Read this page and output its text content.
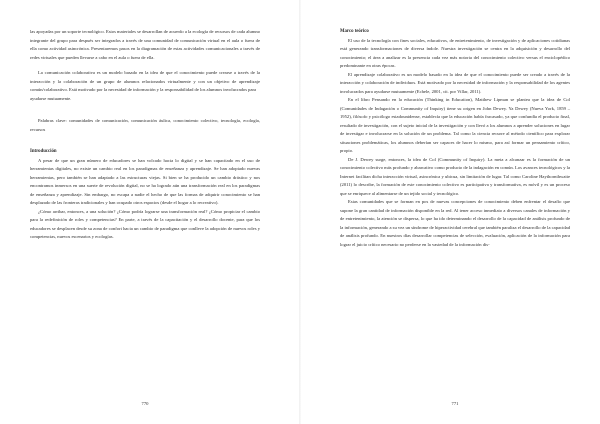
las apoyadas por un soporte tecnológico. Estos materiales se desarrollan de acuerdo a la ecología de recursos de cada alumno integrante del grupo para después ser integrados a través de una comunidad de comunicación virtual en el aula o fuera de ella como actividad asincrónica. Presentaremos pasos en la diagramación de estas actividades comunicacionales a través de redes virtuales que pueden llevarse a cabo en el aula o fuera de ella.

La comunicación colaborativa es un modelo basado en la idea de que el conocimiento puede crearse a través de la interacción y la colaboración de un grupo de alumnos relacionados virtualmente y con un objetivo de aprendizaje común/colaborativo. Está motivado por la necesidad de información y la responsabilidad de los alumnos involucrados para

ayudarse mutuamente.

Palabras clave: comunidades de comunicación, comunicación áulica, conocimiento colectivo, tecnología, ecología, recursos

Introducción

A pesar de que un gran número de educadores se han volcado hacia lo digital y se han capacitado en el uso de herramientas digitales, no existe un cambio real en los paradigmas de enseñanza y aprendizaje. Se han adoptado nuevas herramientas, pero también se han adaptado a las estructuras viejas. Si bien se ha producido un cambio drástico y nos encontramos inmersos en una suerte de revolución digital, no se ha logrado aún una transformación real en los paradigmas de enseñanza y aprendizaje. Sin embargo, no escapa a nadie el hecho de que las formas de adquirir conocimiento se han desplazado de las fronteras tradicionales y han ocupado otros espacios (desde el hogar a lo recreativo).

¿Cómo arribar, entonces, a una solución? ¿Cómo podría lograrse una transformación real? ¿Cómo propiciar el cambio para la redefinición de roles y competencias? En parte, a través de la capacitación y el desarrollo docente, para que los educadores se desplacen desde su zona de confort hacia un cambio de paradigma que conlleve la adopción de nuevos roles y competencias, nuevos escenarios y ecologías.

Marco teórico

El uso de la tecnología con fines sociales, educativos, de entretenimiento, de investigación y de aplicaciones cotidianas está generando transformaciones de diversa índole. Nuestra investigación se centra en la adquisición y desarrollo del conocimiento; el área a analizar es la presencia cada vez más notoria del conocimiento colectivo versus el enciclopédico predominante en otras épocas.

El aprendizaje colaborativo es un modelo basado en la idea de que el conocimiento puede ser creado a través de la interacción y colaboración de individuos. Está motivado por la necesidad de información y la responsabilidad de los agentes involucrados para ayudarse mutuamente (Echele, 2001, cit. por Villar, 2011).

En el libro Pensando en la educación (Thinking in Education), Matthew Lipman se plantea que la idea de Col (Comunidades de Indagación o Community of Inquiry) tiene su origen en John Dewey. Ya Dewey (Nueva York, 1859 – 1952), filósofo y psicólogo estadounidense, establecía que la educación había fracasado, ya que confundía el producto final, resultado de investigación, con el sujeto inicial de la investigación y con llevó a los alumnos a aprender soluciones en lugar de investigar e involucrarse en la solución de un problema. Tal como la ciencia recurre al método científico para explorar situaciones problemáticas, los alumnos deberían ser capaces de hacer lo mismo, para así formar un pensamiento crítico, propio.

De J. Dewey surge, entonces, la idea de Col (Community of Inquiry). La meta a alcanzar es la formación de un conocimiento colectivo más profundo y abarcativo como producto de la indagación en común. Los avances tecnológicos y la Internet facilitan dicha interacción virtual, asincrónica y ubicua, sin limitación de lugar. Tal como Caroline Haythornthwaite (2011) lo describe, la formación de este conocimiento colectivo es participativa y transformativa, es móvil y es un proceso que se enriquece al alimentarse de un tejido social y tecnológico.

Estas comunidades que se forman en pos de nuevas concepciones de conocimiento deben enfrentar el desafío que supone la gran cantidad de información disponible en la red. Al tener acceso inmediato a diversos canales de información y de entretenimiento, la atención se dispersa, lo que ha ido determinando el desarrollo de la capacidad de análisis profundo de la información, generando a su vez un síndrome de hiperactividad cerebral que también paraliza el desarrollo de la capacidad de análisis profundo. En nuestros días desarrollar competencias de selección, evaluación, aplicación de la información para lograr el juicio crítico necesario no perderse en la vastedad de la información dis-

770	771
